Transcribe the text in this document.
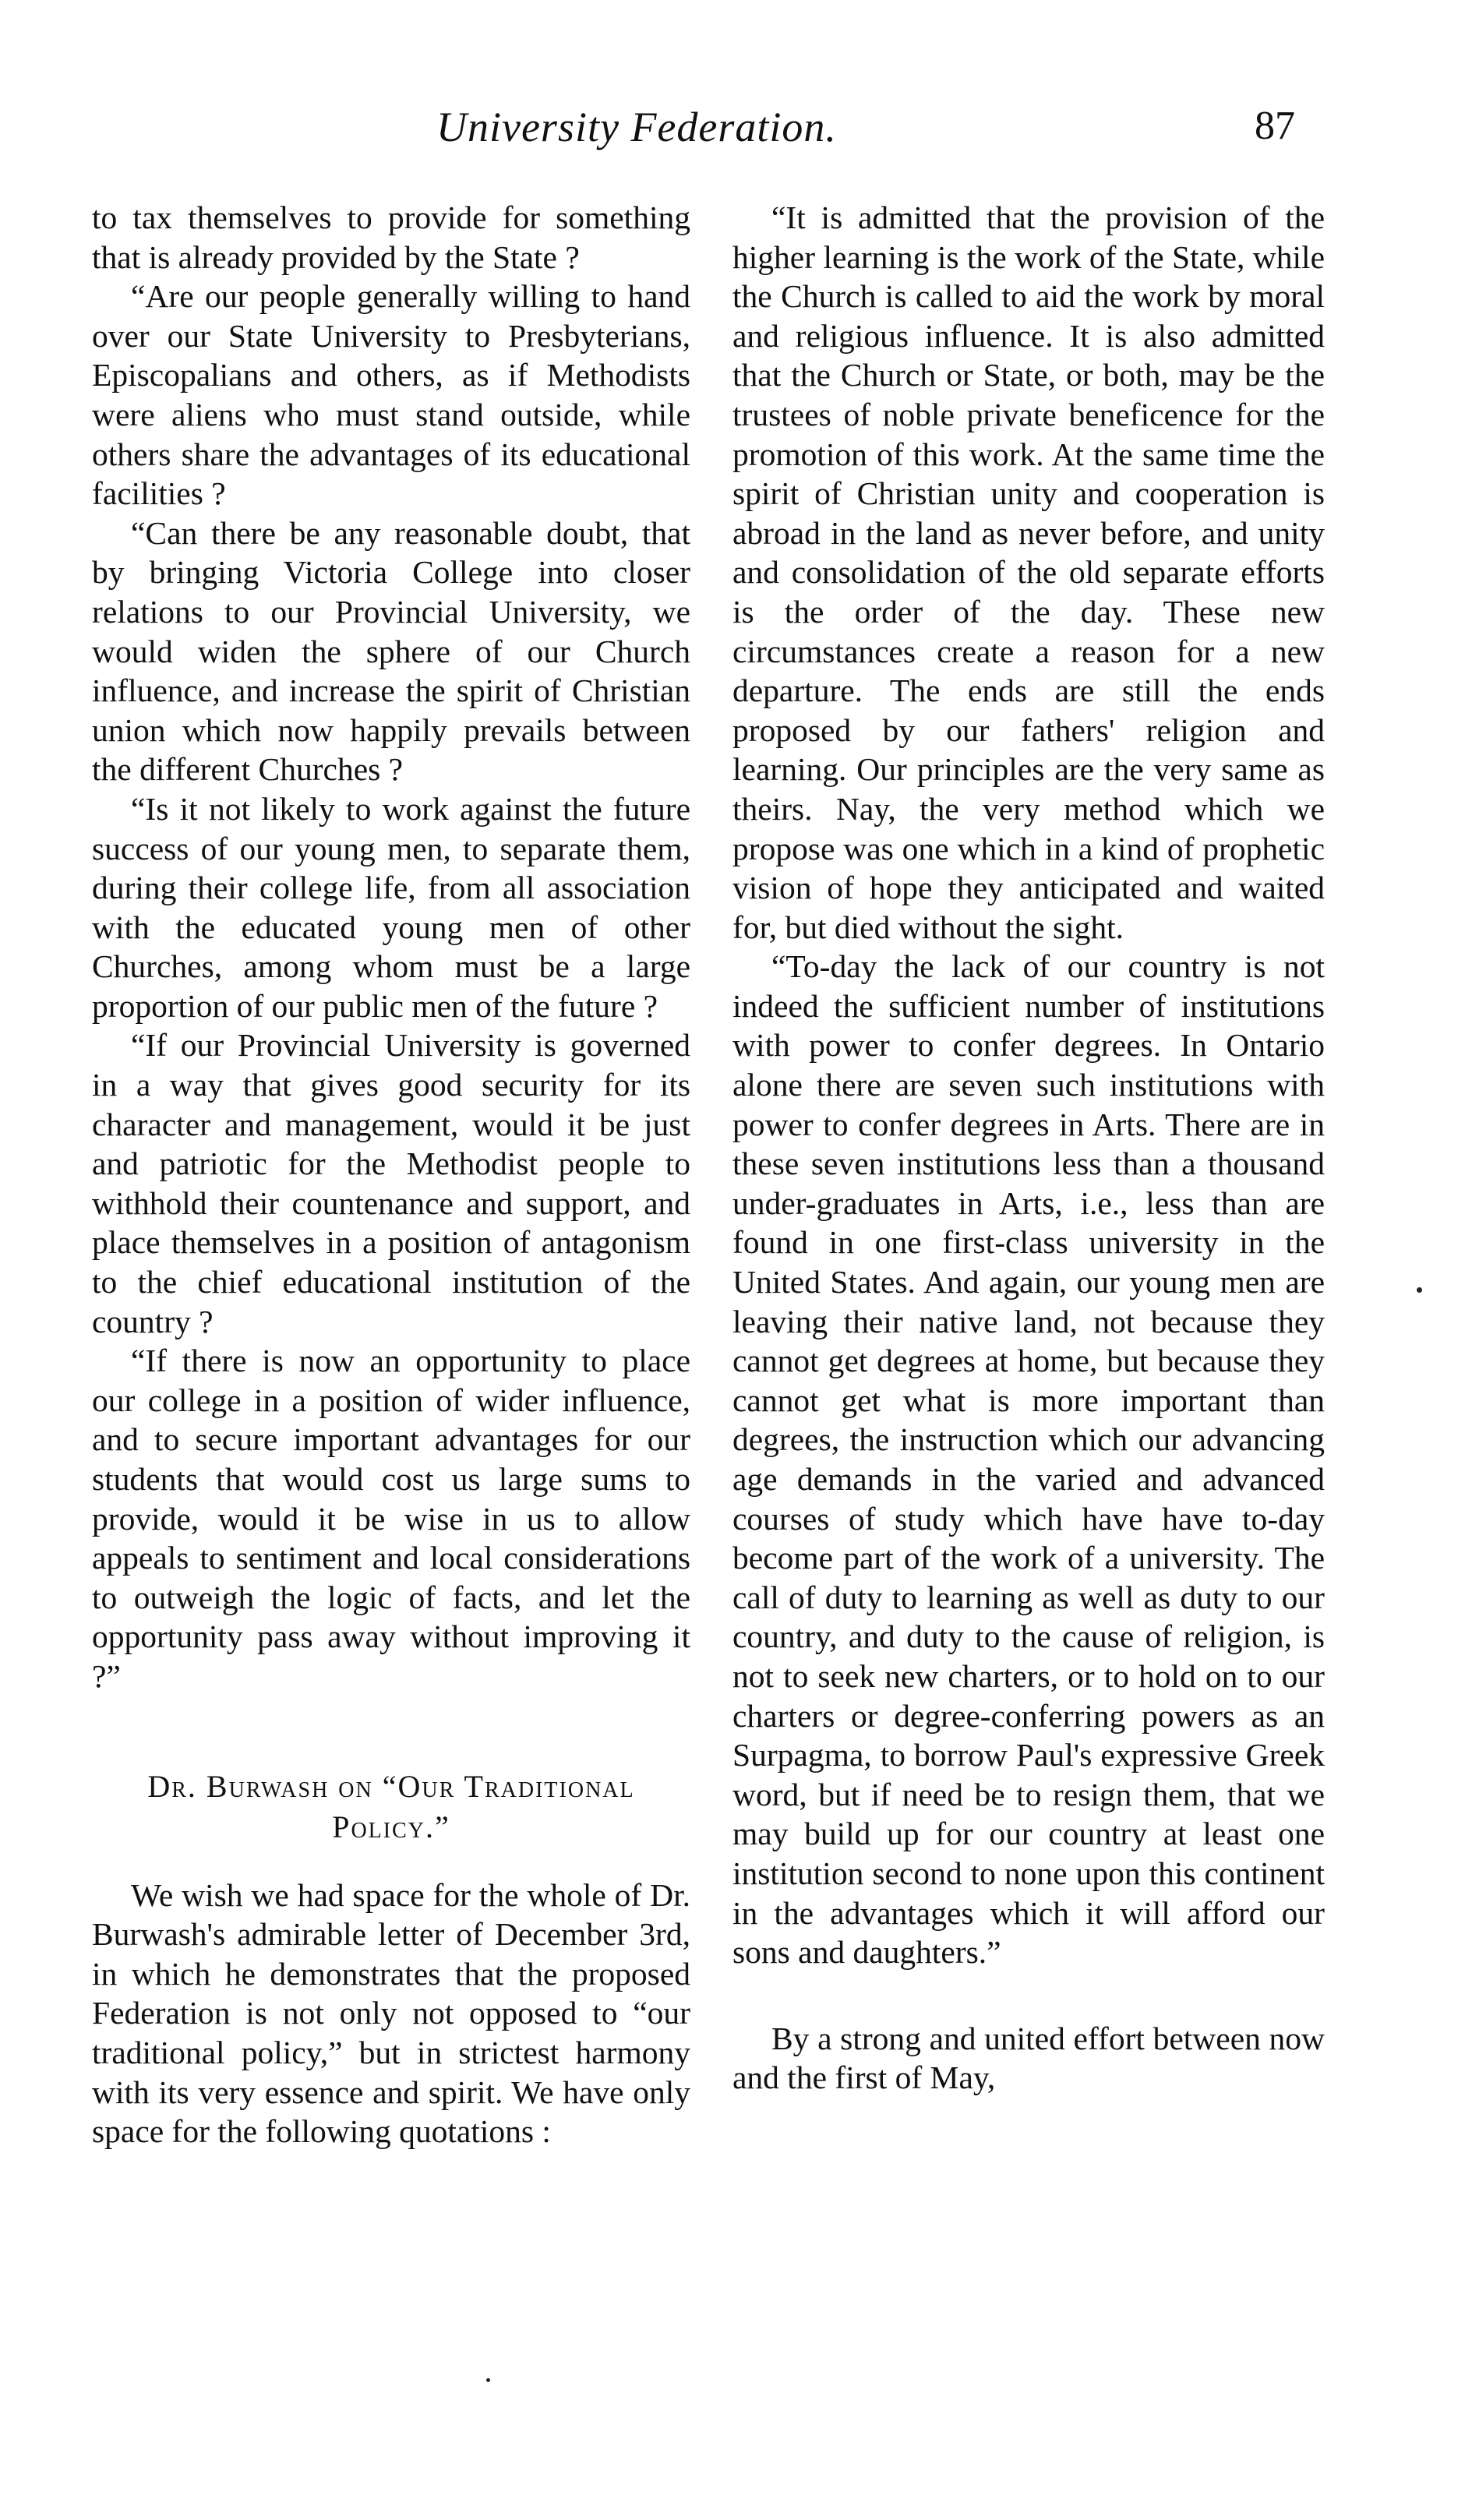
University Federation.	87

to tax themselves to provide for something that is already provided by the State ?

“Are our people generally willing to hand over our State University to Presbyterians, Episcopalians and others, as if Methodists were aliens who must stand outside, while others share the advantages of its educational facilities ?

“Can there be any reasonable doubt, that by bringing Victoria College into closer relations to our Provincial University, we would widen the sphere of our Church influence, and increase the spirit of Christian union which now happily prevails between the different Churches ?

“Is it not likely to work against the future success of our young men, to separate them, during their college life, from all association with the educated young men of other Churches, among whom must be a large proportion of our public men of the future ?

“If our Provincial University is governed in a way that gives good security for its character and management, would it be just and patriotic for the Methodist people to withhold their countenance and support, and place themselves in a position of antagonism to the chief educational institution of the country ?

“If there is now an opportunity to place our college in a position of wider influence, and to secure important advantages for our students that would cost us large sums to provide, would it be wise in us to allow appeals to sentiment and local considerations to outweigh the logic of facts, and let the opportunity pass away without improving it ?”

Dr. Burwash on “Our Traditional Policy.”

We wish we had space for the whole of Dr. Burwash's admirable letter of December 3rd, in which he demonstrates that the proposed Federation is not only not opposed to “our traditional policy,” but in strictest harmony with its very essence and spirit. We have only space for the following quotations :

“It is admitted that the provision of the higher learning is the work of the State, while the Church is called to aid the work by moral and religious influence. It is also admitted that the Church or State, or both, may be the trustees of noble private beneficence for the promotion of this work. At the same time the spirit of Christian unity and cooperation is abroad in the land as never before, and unity and consolidation of the old separate efforts is the order of the day. These new circumstances create a reason for a new departure. The ends are still the ends proposed by our fathers' religion and learning. Our principles are the very same as theirs. Nay, the very method which we propose was one which in a kind of prophetic vision of hope they anticipated and waited for, but died without the sight.

“To-day the lack of our country is not indeed the sufficient number of institutions with power to confer degrees. In Ontario alone there are seven such institutions with power to confer degrees in Arts. There are in these seven institutions less than a thousand under-graduates in Arts, i.e., less than are found in one first-class university in the United States. And again, our young men are leaving their native land, not because they cannot get degrees at home, but because they cannot get what is more important than degrees, the instruction which our advancing age demands in the varied and advanced courses of study which have have to-day become part of the work of a university. The call of duty to learning as well as duty to our country, and duty to the cause of religion, is not to seek new charters, or to hold on to our charters or degree-conferring powers as an Surpagma, to borrow Paul's expressive Greek word, but if need be to resign them, that we may build up for our country at least one institution second to none upon this continent in the advantages which it will afford our sons and daughters.”

By a strong and united effort between now and the first of May,
